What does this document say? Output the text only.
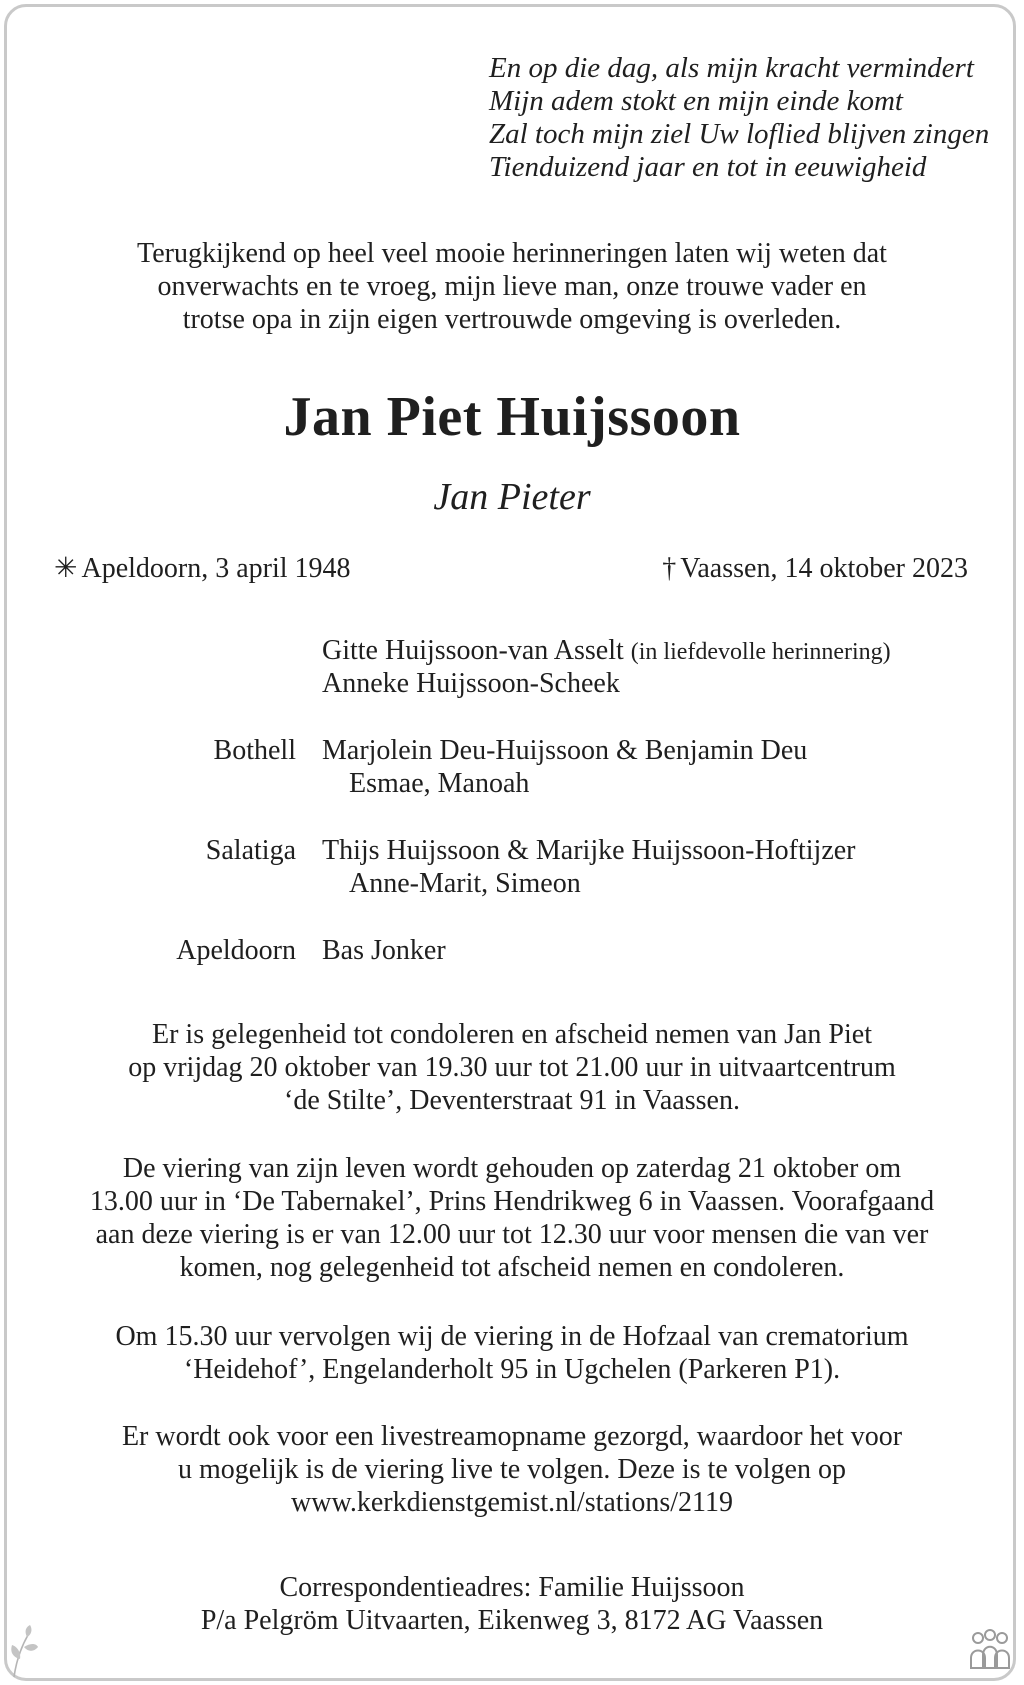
En op die dag, als mijn kracht vermindert
Mijn adem stokt en mijn einde komt
Zal toch mijn ziel Uw loflied blijven zingen
Tienduizend jaar en tot in eeuwigheid
Terugkijkend op heel veel mooie herinneringen laten wij weten dat
onverwachts en te vroeg, mijn lieve man, onze trouwe vader en
trotse opa in zijn eigen vertrouwde omgeving is overleden.
Jan Piet Huijssoon
Jan Pieter
✳ Apeldoorn, 3 april 1948	† Vaassen, 14 oktober 2023
Gitte Huijssoon-van Asselt (in liefdevolle herinnering)
Anneke Huijssoon-Scheek
Bothell Marjolein Deu-Huijssoon & Benjamin Deu
Esmae, Manoah
Salatiga Thijs Huijssoon & Marijke Huijssoon-Hoftijzer
Anne-Marit, Simeon
Apeldoorn Bas Jonker
Er is gelegenheid tot condoleren en afscheid nemen van Jan Piet
op vrijdag 20 oktober van 19.30 uur tot 21.00 uur in uitvaartcentrum
‘de Stilte’, Deventerstraat 91 in Vaassen.
De viering van zijn leven wordt gehouden op zaterdag 21 oktober om
13.00 uur in ‘De Tabernakel’, Prins Hendrikweg 6 in Vaassen. Voorafgaand
aan deze viering is er van 12.00 uur tot 12.30 uur voor mensen die van ver
komen, nog gelegenheid tot afscheid nemen en condoleren.
Om 15.30 uur vervolgen wij de viering in de Hofzaal van crematorium
‘Heidehof’, Engelanderholt 95 in Ugchelen (Parkeren P1).
Er wordt ook voor een livestreamopname gezorgd, waardoor het voor
u mogelijk is de viering live te volgen. Deze is te volgen op
www.kerkdienstgemist.nl/stations/2119
Correspondentieadres: Familie Huijssoon
P/a Pelgröm Uitvaarten, Eikenweg 3, 8172 AG Vaassen
